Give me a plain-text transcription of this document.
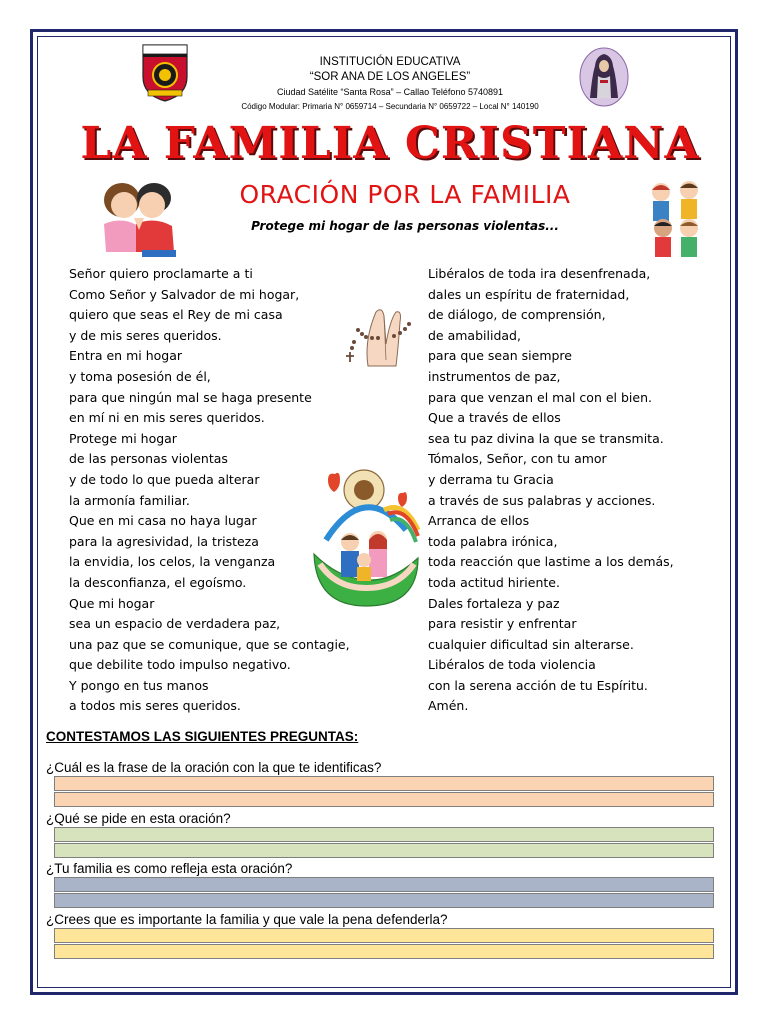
INSTITUCIÓN EDUCATIVA
“SOR ANA DE LOS ANGELES”
Ciudad Satélite “Santa Rosa” – Callao Teléfono 5740891
Código Modular: Primaria N° 0659714 – Secundaria N° 0659722 – Local N° 140190
LA FAMILIA CRISTIANA
ORACIÓN POR LA FAMILIA
Protege mi hogar de las personas violentas...
Señor quiero proclamarte a ti
Como Señor y Salvador de mi hogar,
quiero que seas el Rey de mi casa
y de mis seres queridos.
Entra en mi hogar
y toma posesión de él,
para que ningún mal se haga presente
en mí ni en mis seres queridos.
Protege mi hogar
de las personas violentas
y de todo lo que pueda alterar
la armonía familiar.
Que en mi casa no haya lugar
para la agresividad, la tristeza
la envidia, los celos, la venganza
la desconfianza, el egoísmo.
Que mi hogar
sea un espacio de verdadera paz,
una paz que se comunique, que se contagie,
que debilite todo impulso negativo.
Y pongo en tus manos
a todos mis seres queridos.
Libéralos de toda ira desenfrenada,
dales un espíritu de fraternidad,
de diálogo, de comprensión,
de amabilidad,
para que sean siempre
instrumentos de paz,
para que venzan el mal con el bien.
Que a través de ellos
sea tu paz divina la que se transmita.
Tómalos, Señor, con tu amor
y derrama tu Gracia
a través de sus palabras y acciones.
Arranca de ellos
toda palabra irónica,
toda reacción que lastime a los demás,
toda actitud hiriente.
Dales fortaleza y paz
para resistir y enfrentar
cualquier dificultad sin alterarse.
Libéralos de toda violencia
con la serena acción de tu Espíritu.
Amén.
CONTESTAMOS LAS SIGUIENTES PREGUNTAS:
¿Cuál es la frase de la oración con la que te identificas?
¿Qué se pide en esta oración?
¿Tu familia es como refleja esta oración?
¿Crees que es importante la familia y que vale la pena defenderla?
